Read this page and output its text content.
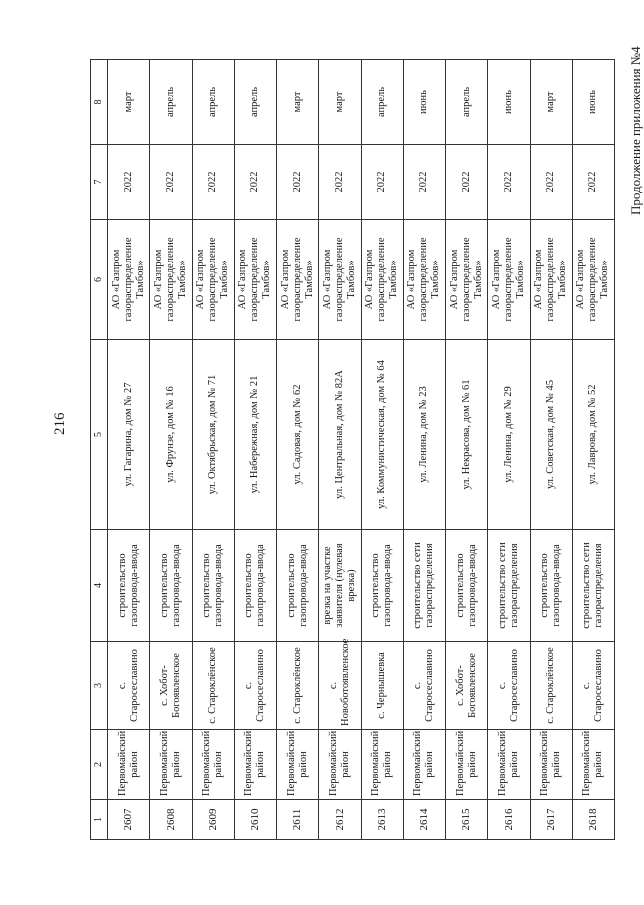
216
Продолжение приложения №4
1	2	3	4	5	6	7	8
2607	Первомайский район	с. Старосеславино	строительство газопровода-ввода	ул. Гагарина, дом № 27	АО «Газпром газораспределение Тамбов»	2022	март
2608	Первомайский район	с. Хобот-Богоявленское	строительство газопровода-ввода	ул. Фрунзе, дом № 16	АО «Газпром газораспределение Тамбов»	2022	апрель
2609	Первомайский район	с. Староклёнское	строительство газопровода-ввода	ул. Октябрьская, дом № 71	АО «Газпром газораспределение Тамбов»	2022	апрель
2610	Первомайский район	с. Старосеславино	строительство газопровода-ввода	ул. Набережная, дом № 21	АО «Газпром газораспределение Тамбов»	2022	апрель
2611	Первомайский район	с. Староклёнское	строительство газопровода-ввода	ул. Садовая, дом № 62	АО «Газпром газораспределение Тамбов»	2022	март
2612	Первомайский район	с. Новоботоявленское	врезка на участке заявителя (нулевая врезка)	ул. Центральная, дом № 82А	АО «Газпром газораспределение Тамбов»	2022	март
2613	Первомайский район	с. Чернышевка	строительство газопровода-ввода	ул. Коммунистическая, дом № 64	АО «Газпром газораспределение Тамбов»	2022	апрель
2614	Первомайский район	с. Старосеславино	строительство сети газораспределения	ул. Ленина, дом № 23	АО «Газпром газораспределение Тамбов»	2022	июнь
2615	Первомайский район	с. Хобот-Богоявленское	строительство газопровода-ввода	ул. Некрасова, дом № 61	АО «Газпром газораспределение Тамбов»	2022	апрель
2616	Первомайский район	с. Старосеславино	строительство сети газораспределения	ул. Ленина, дом № 29	АО «Газпром газораспределение Тамбов»	2022	июнь
2617	Первомайский район	с. Староклёнское	строительство газопровода-ввода	ул. Советская, дом № 45	АО «Газпром газораспределение Тамбов»	2022	март
2618	Первомайский район	с. Старосеславино	строительство сети газораспределения	ул. Лаврова, дом № 52	АО «Газпром газораспределение Тамбов»	2022	июнь
